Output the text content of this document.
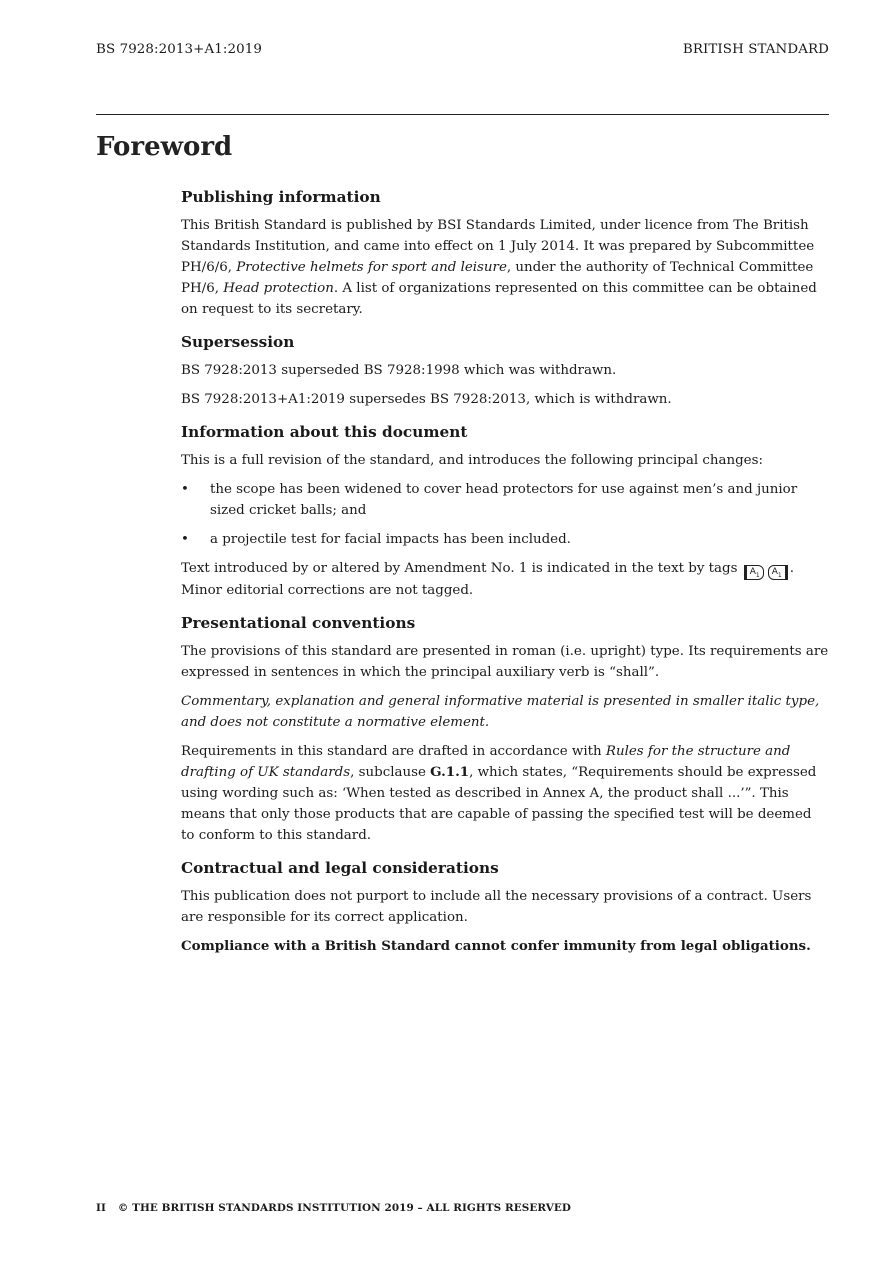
BS 7928:2013+A1:2019	BRITISH STANDARD
Foreword
Publishing information

This British Standard is published by BSI Standards Limited, under licence from The British Standards Institution, and came into effect on 1 July 2014. It was prepared by Subcommittee PH/6/6, Protective helmets for sport and leisure, under the authority of Technical Committee PH/6, Head protection. A list of organizations represented on this committee can be obtained on request to its secretary.

Supersession

BS 7928:2013 superseded BS 7928:1998 which was withdrawn.

BS 7928:2013+A1:2019 supersedes BS 7928:2013, which is withdrawn.

Information about this document

This is a full revision of the standard, and introduces the following principal changes:

• the scope has been widened to cover head protectors for use against men’s and junior sized cricket balls; and
• a projectile test for facial impacts has been included.

Text introduced by or altered by Amendment No. 1 is indicated in the text by tags $A_1$ $A_1$ . Minor editorial corrections are not tagged.

Presentational conventions

The provisions of this standard are presented in roman (i.e. upright) type. Its requirements are expressed in sentences in which the principal auxiliary verb is “shall”.

Commentary, explanation and general informative material is presented in smaller italic type, and does not constitute a normative element.

Requirements in this standard are drafted in accordance with Rules for the structure and drafting of UK standards, subclause G.1.1, which states, “Requirements should be expressed using wording such as: ‘When tested as described in Annex A, the product shall ...’”. This means that only those products that are capable of passing the specified test will be deemed to conform to this standard.

Contractual and legal considerations

This publication does not purport to include all the necessary provisions of a contract. Users are responsible for its correct application.

Compliance with a British Standard cannot confer immunity from legal obligations.

II © THE BRITISH STANDARDS INSTITUTION 2019 – ALL RIGHTS RESERVED
